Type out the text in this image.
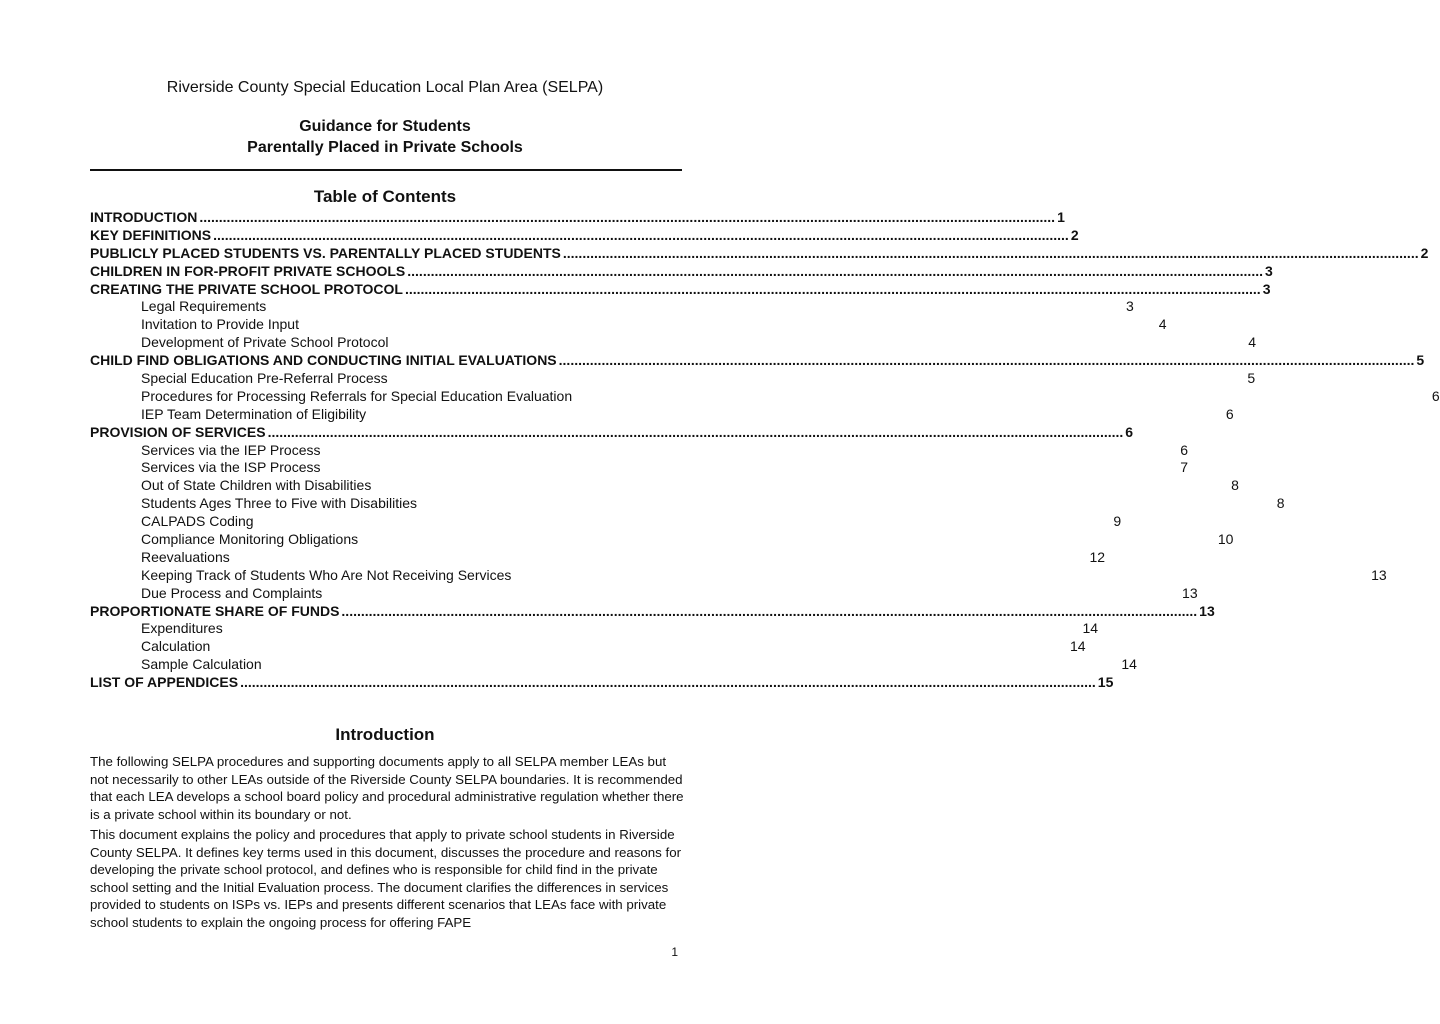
Riverside County Special Education Local Plan Area (SELPA)
Guidance for Students
Parentally Placed in Private Schools
Table of Contents
INTRODUCTION ............................................................................................................................................................................................................................ 1
KEY DEFINITIONS ............................................................................................................................................................................................................................ 2
PUBLICLY PLACED STUDENTS VS. PARENTALLY PLACED STUDENTS ............................................................................................................................................................................................................................ 2
CHILDREN IN FOR-PROFIT PRIVATE SCHOOLS ............................................................................................................................................................................................................................ 3
CREATING THE PRIVATE SCHOOL PROTOCOL ............................................................................................................................................................................................................................ 3
Legal Requirements	3
Invitation to Provide Input	4
Development of Private School Protocol	4
CHILD FIND OBLIGATIONS AND CONDUCTING INITIAL EVALUATIONS ............................................................................................................................................................................................................................ 5
Special Education Pre-Referral Process	5
Procedures for Processing Referrals for Special Education Evaluation	6
IEP Team Determination of Eligibility	6
PROVISION OF SERVICES ............................................................................................................................................................................................................................ 6
Services via the IEP Process	6
Services via the ISP Process	7
Out of State Children with Disabilities	8
Students Ages Three to Five with Disabilities	8
CALPADS Coding	9
Compliance Monitoring Obligations	10
Reevaluations	12
Keeping Track of Students Who Are Not Receiving Services	13
Due Process and Complaints	13
PROPORTIONATE SHARE OF FUNDS ............................................................................................................................................................................................................................ 13
Expenditures	14
Calculation	14
Sample Calculation	14
LIST OF APPENDICES ............................................................................................................................................................................................................................ 15
Introduction

The following SELPA procedures and supporting documents apply to all SELPA member LEAs but not necessarily to other LEAs outside of the Riverside County SELPA boundaries. It is recommended that each LEA develops a school board policy and procedural administrative regulation whether there is a private school within its boundary or not.

This document explains the policy and procedures that apply to private school students in Riverside County SELPA. It defines key terms used in this document, discusses the procedure and reasons for developing the private school protocol, and defines who is responsible for child find in the private school setting and the Initial Evaluation process. The document clarifies the differences in services provided to students on ISPs vs. IEPs and presents different scenarios that LEAs face with private school students to explain the ongoing process for offering FAPE

1
